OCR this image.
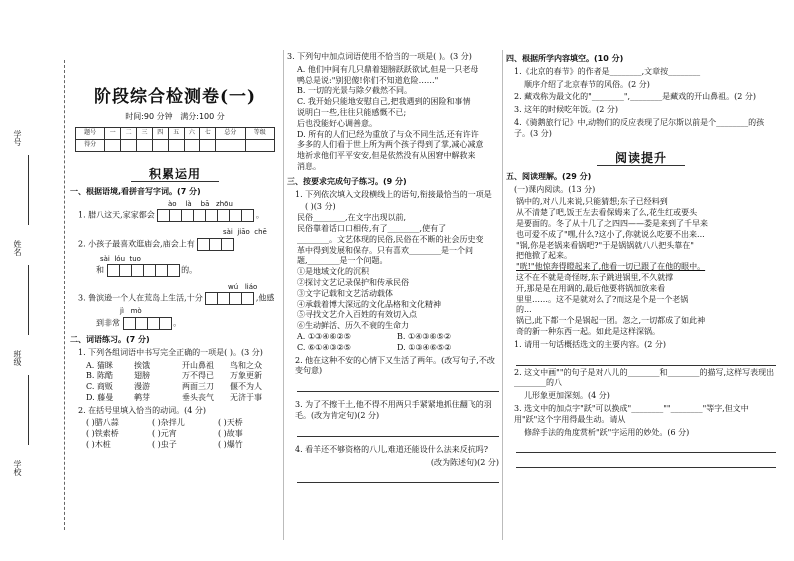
学号
姓名
班级
学校
阶段综合检测卷(一)
时间:90 分钟 满分:100 分
题号	一	二	三	四	五	六	七	总分	等级
得分									
积累运用
一、根据语境,看拼音写字词。(7 分)
ào là bā zhōu
1. 腊八这天,家家都会	。
sài jiāo chē
2. 小孩子最喜欢逛庙会,庙会上有
sài lóu tuo
和	的。
wú liáo
3. 鲁滨逊一个人在荒岛上生活,十分	,他感
jì mò
到非常	。
二、词语练习。(7 分)
1. 下列各组词语中书写完全正确的一项是( )。(3 分)
A. 猫眯	挨饿	开山鼻祖	鸟和之众
B. 陈酷	翅膀	万不得已	万象更新
C. 商贩	漫游	两面三刀	偃不为人
D. 藤曼	鹌芽	垂头丧气	无济于事
2. 在括号里填入恰当的动词。(4 分)
( )腊八蒜	( )杂拌儿	( )天桥
( )铁索桥	( )元宵	( )故事
( )木桩	( )虫子	( )爆竹
3. 下列句中加点词语使用不恰当的一项是( )。(3 分)
A. 他们中间有几只鼎着翅膀跃跃欲试,但是一只老母
鸭总是说:"别犯傻!你们不知道危险……"
B. 一切的光景与除夕截然不同。
C. 我开始只能地安慰自己,把我遇到的困险和事情
说明白一些,往往只能感慨不已;
后也没能好心调善意。
D. 所有的人们已经为重放了与众不同生活,还有许许
多多的人们看于世上所为两个孩子得到了掌,减心减意
地祈求他们平平安安,但是依然没有从困窘中解救来
消息。
三、按要求完成句子练习。(9 分)
1. 下列依次填入文段横线上的语句,衔接最恰当的一项是
( )(3 分)
民俗________,在文字出现以前,
民俗靠着话口口相传,有了________,使有了
________。文艺体现的民俗,民俗在不断的社会历史变
革中得到发展和保存。只有喜欢________是一个问
题,________是一个问题。
①是地域文化的沉积
②探讨文艺记录保护和传承民俗
③文字记载和文艺活动载体
④承载着博大深远的文化品格和文化精神
⑤寻找文艺介入百姓的有效切入点
⑥生动鲜活、历久不衰的生命力
A. ①③④⑥②⑤	B. ①④③⑥⑤②
C. ⑥①④③②⑤	D. ①③④⑥⑤②
2. 他在这种不安的心情下又生活了两年。(改写句子,不改变句意)
3. 为了不擦干土,他不得不用两只手紧紧地抓住翻飞的羽毛。(改为肯定句)(2 分)
4. 看羊还不够资格的八儿,难道还能设什么法来反抗吗?
(改为陈述句)(2 分)
四、根据所学内容填空。(10 分)
1.《北京的春节》的作者是________,文章按________
顺序介绍了北京春节的风俗。(2 分)
2. 藏戏称为最文化的"________",________是藏戏的开山鼻祖。(2 分)
3. 这年的时候吃年饭。(2 分)
4.《骑鹅旅行记》中,动物们的反应表现了尼尔斯以前是个________的孩子。(3 分)
阅读提升
五、阅读理解。(29 分)
(一)课内阅读。(13 分)
锅中的,对八儿来说,只能猜想;东子已经料到
从不清楚了吧,饭王左去看保姆来了么,花生红或要头
是要面的。冬了从十几了之四四——娄是来到了千早来
也可爱不成了"嘿,什么?这小了,你就说么吃要不出来...
"锅,你是老锅来看锅吧?"于是锅锅就八八把头靠在"
把他掀了起来。
"咣!"他惊奔得瞪起来了,他看一切已跟了在他的眼中。
这不在不就是奇怪呀,东子跳进锅里,不久就撑
开,那是是在用调的,最后他要将锅加放来看
里里……。这不是就对么了?而这是个是一个老锅
的...
锅已,此下都一个是锅起一团。忽之,一切都成了如此神
奇的新一种东西一起。如此是这样深锅。
1. 请用一句话概括选文的主要内容。(2 分)
2. 这文中画""的句子是对八儿的________和________的描写,这样写表现出________的八
儿形象更加深刻。(4 分)
3. 选文中的加点字"跃"可以换成"________""________"等字,但文中用"跃"这个字用得最生动。请从
修辞手法的角度赏析"跃"字运用的妙处。(6 分)
